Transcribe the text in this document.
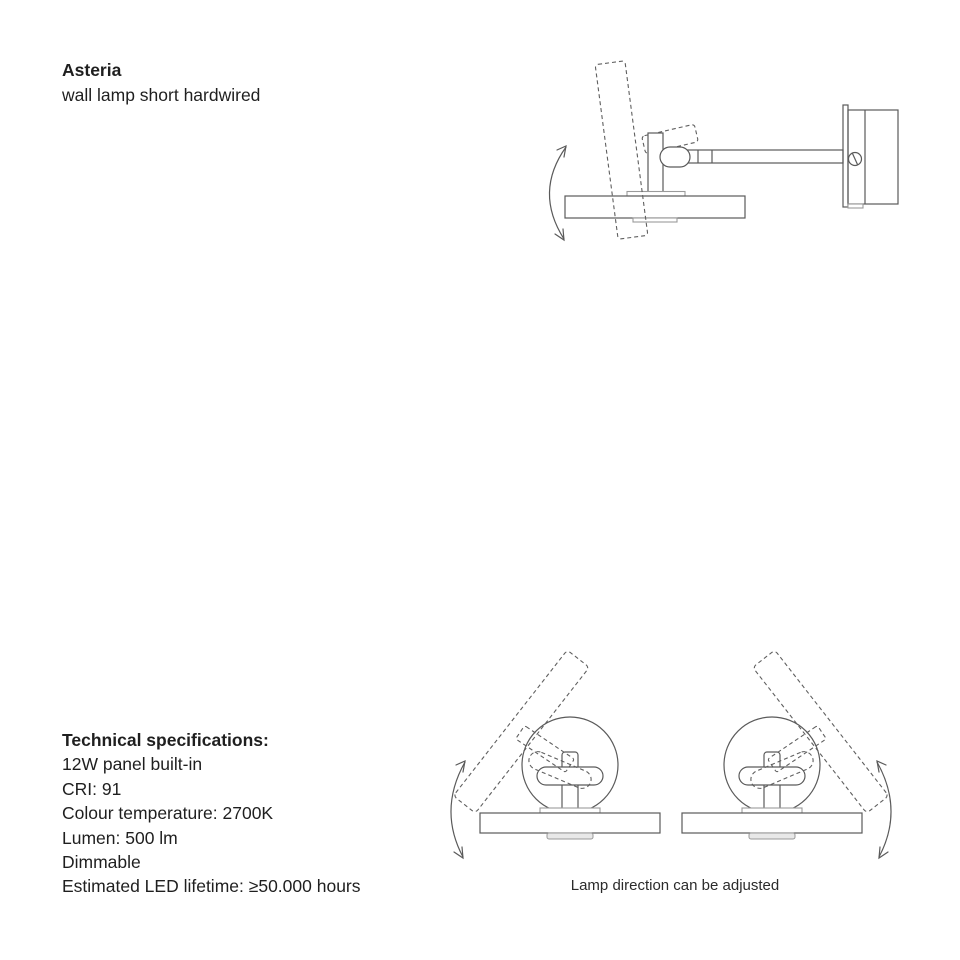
Asteria
wall lamp short hardwired
Technical specifications:
12W panel built-in
CRI: 91
Colour temperature: 2700K
Lumen: 500 lm
Dimmable
Estimated LED lifetime: ≥50.000 hours	Lamp direction can be adjusted
